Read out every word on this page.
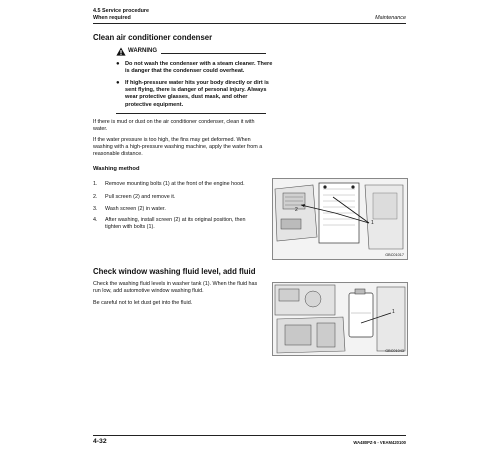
4.5 Service procedure
When required	Maintenance
Clean air conditioner condenser
WARNING
● Do not wash the condenser with a steam cleaner. There is danger that the condenser could overheat.
● If high-pressure water hits your body directly or dirt is sent flying, there is danger of personal injury. Always wear protective glasses, dust mask, and other protective equipment.
If there is mud or dust on the air conditioner condenser, clean it with water.
If the water pressure is too high, the fins may get deformed. When washing with a high-pressure washing machine, apply the water from a reasonable distance.
Washing method
1. Remove mounting bolts (1) at the front of the engine hood.
2. Pull screen (2) and remove it.
3. Wash screen (2) in water.
4. After washing, install screen (2) at its original position, then tighten with bolts (1).
2
1
GBC01017
Check window washing fluid level, add fluid
Check the washing fluid levels in washer tank (1). When the fluid has run low, add automotive window washing fluid.
Be careful not to let dust get into the fluid.
1
GBC01043
4-32	WA480PZ-5 - VEAM420100
